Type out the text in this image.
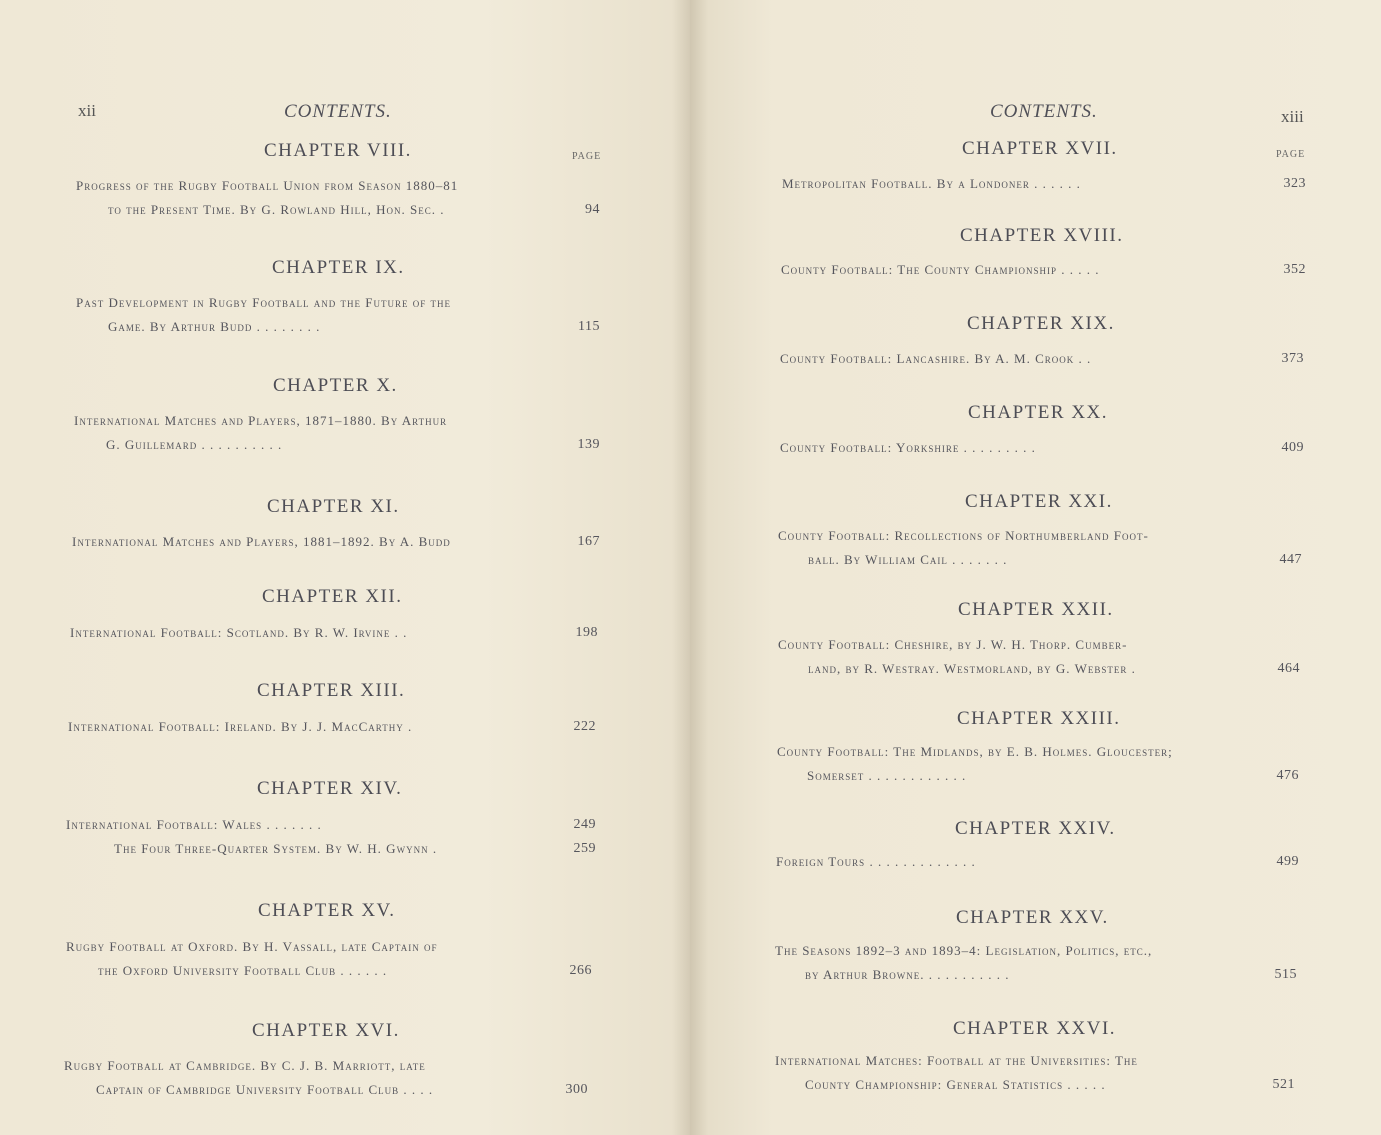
xii	CONTENTS.
PAGE
CONTENTS.	xiii
PAGE
CHAPTER VIII.
Progress of the Rugby Football Union from Season 1880–81
to the Present Time. By G. Rowland Hill, Hon. Sec. .	94
CHAPTER IX.
Past Development in Rugby Football and the Future of the
Game. By Arthur Budd . . . . . . . .	115
CHAPTER X.
International Matches and Players, 1871–1880. By Arthur
G. Guillemard . . . . . . . . . .	139
CHAPTER XI.
International Matches and Players, 1881–1892. By A. Budd	167
CHAPTER XII.
International Football: Scotland. By R. W. Irvine . .	198
CHAPTER XIII.
International Football: Ireland. By J. J. MacCarthy .	222
CHAPTER XIV.
International Football: Wales . . . . . . .	249
The Four Three-Quarter System. By W. H. Gwynn .	259
CHAPTER XV.
Rugby Football at Oxford. By H. Vassall, late Captain of
the Oxford University Football Club . . . . . .	266
CHAPTER XVI.
Rugby Football at Cambridge. By C. J. B. Marriott, late
Captain of Cambridge University Football Club . . . .	300
CHAPTER XVII.
Metropolitan Football. By a Londoner . . . . . .	323
CHAPTER XVIII.
County Football: The County Championship . . . . .	352
CHAPTER XIX.
County Football: Lancashire. By A. M. Crook . .	373
CHAPTER XX.
County Football: Yorkshire . . . . . . . . .	409
CHAPTER XXI.
County Football: Recollections of Northumberland Foot-
ball. By William Cail . . . . . . .	447
CHAPTER XXII.
County Football: Cheshire, by J. W. H. Thorp. Cumber-
land, by R. Westray. Westmorland, by G. Webster .	464
CHAPTER XXIII.
County Football: The Midlands, by E. B. Holmes. Gloucester;
Somerset . . . . . . . . . . . .	476
CHAPTER XXIV.
Foreign Tours . . . . . . . . . . . . .	499
CHAPTER XXV.
The Seasons 1892–3 and 1893–4: Legislation, Politics, etc.,
by Arthur Browne. . . . . . . . . . .	515
CHAPTER XXVI.
International Matches: Football at the Universities: The
County Championship: General Statistics . . . . .	521
